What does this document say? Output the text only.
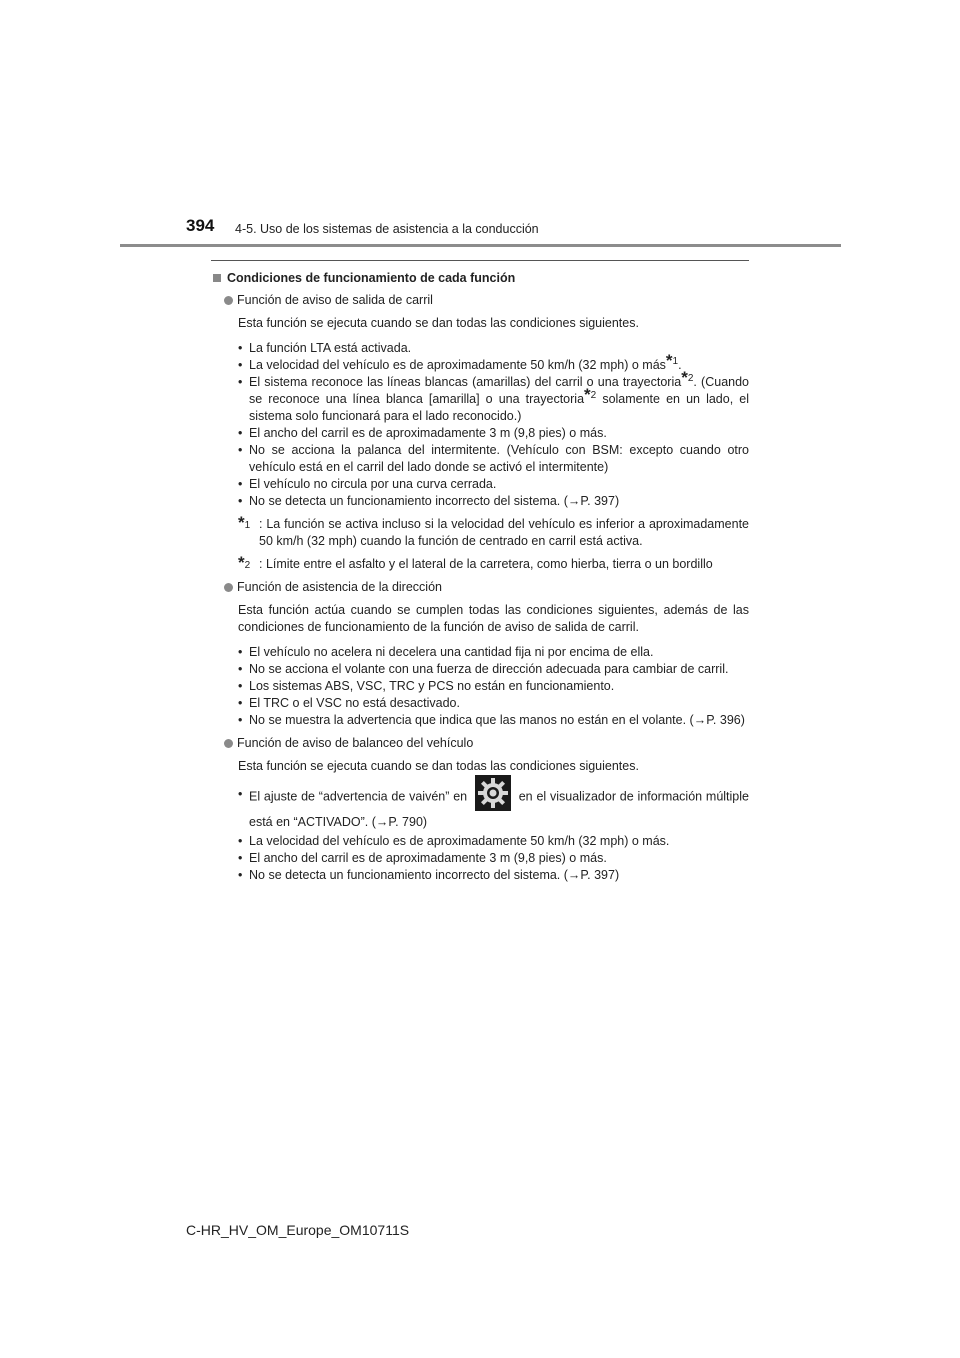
394 4-5. Uso de los sistemas de asistencia a la conducción
Condiciones de funcionamiento de cada función
Función de aviso de salida de carril
Esta función se ejecuta cuando se dan todas las condiciones siguientes.
• La función LTA está activada.
• La velocidad del vehículo es de aproximadamente 50 km/h (32 mph) o más$^{*1}$.
• El sistema reconoce las líneas blancas (amarillas) del carril o una trayectoria$^{*2}$. (Cuando se reconoce una línea blanca [amarilla] o una trayectoria$^{*2}$ solamente en un lado, el sistema solo funcionará para el lado reconocido.)
• El ancho del carril es de aproximadamente 3 m (9,8 pies) o más.
• No se acciona la palanca del intermitente. (Vehículo con BSM: excepto cuando otro vehículo está en el carril del lado donde se activó el intermitente)
• El vehículo no circula por una curva cerrada.
• No se detecta un funcionamiento incorrecto del sistema. (→P. 397)
*1 : La función se activa incluso si la velocidad del vehículo es inferior a aproximadamente 50 km/h (32 mph) cuando la función de centrado en carril está activa.
*2 : Límite entre el asfalto y el lateral de la carretera, como hierba, tierra o un bordillo
Función de asistencia de la dirección
Esta función actúa cuando se cumplen todas las condiciones siguientes, además de las condiciones de funcionamiento de la función de aviso de salida de carril.
• El vehículo no acelera ni decelera una cantidad fija ni por encima de ella.
• No se acciona el volante con una fuerza de dirección adecuada para cambiar de carril.
• Los sistemas ABS, VSC, TRC y PCS no están en funcionamiento.
• El TRC o el VSC no está desactivado.
• No se muestra la advertencia que indica que las manos no están en el volante. (→P. 396)
Función de aviso de balanceo del vehículo
Esta función se ejecuta cuando se dan todas las condiciones siguientes.
• El ajuste de “advertencia de vaivén” en	en el visualizador de información múltiple está en “ACTIVADO”. (→P. 790)
• La velocidad del vehículo es de aproximadamente 50 km/h (32 mph) o más.
• El ancho del carril es de aproximadamente 3 m (9,8 pies) o más.
• No se detecta un funcionamiento incorrecto del sistema. (→P. 397)
C-HR_HV_OM_Europe_OM10711S
